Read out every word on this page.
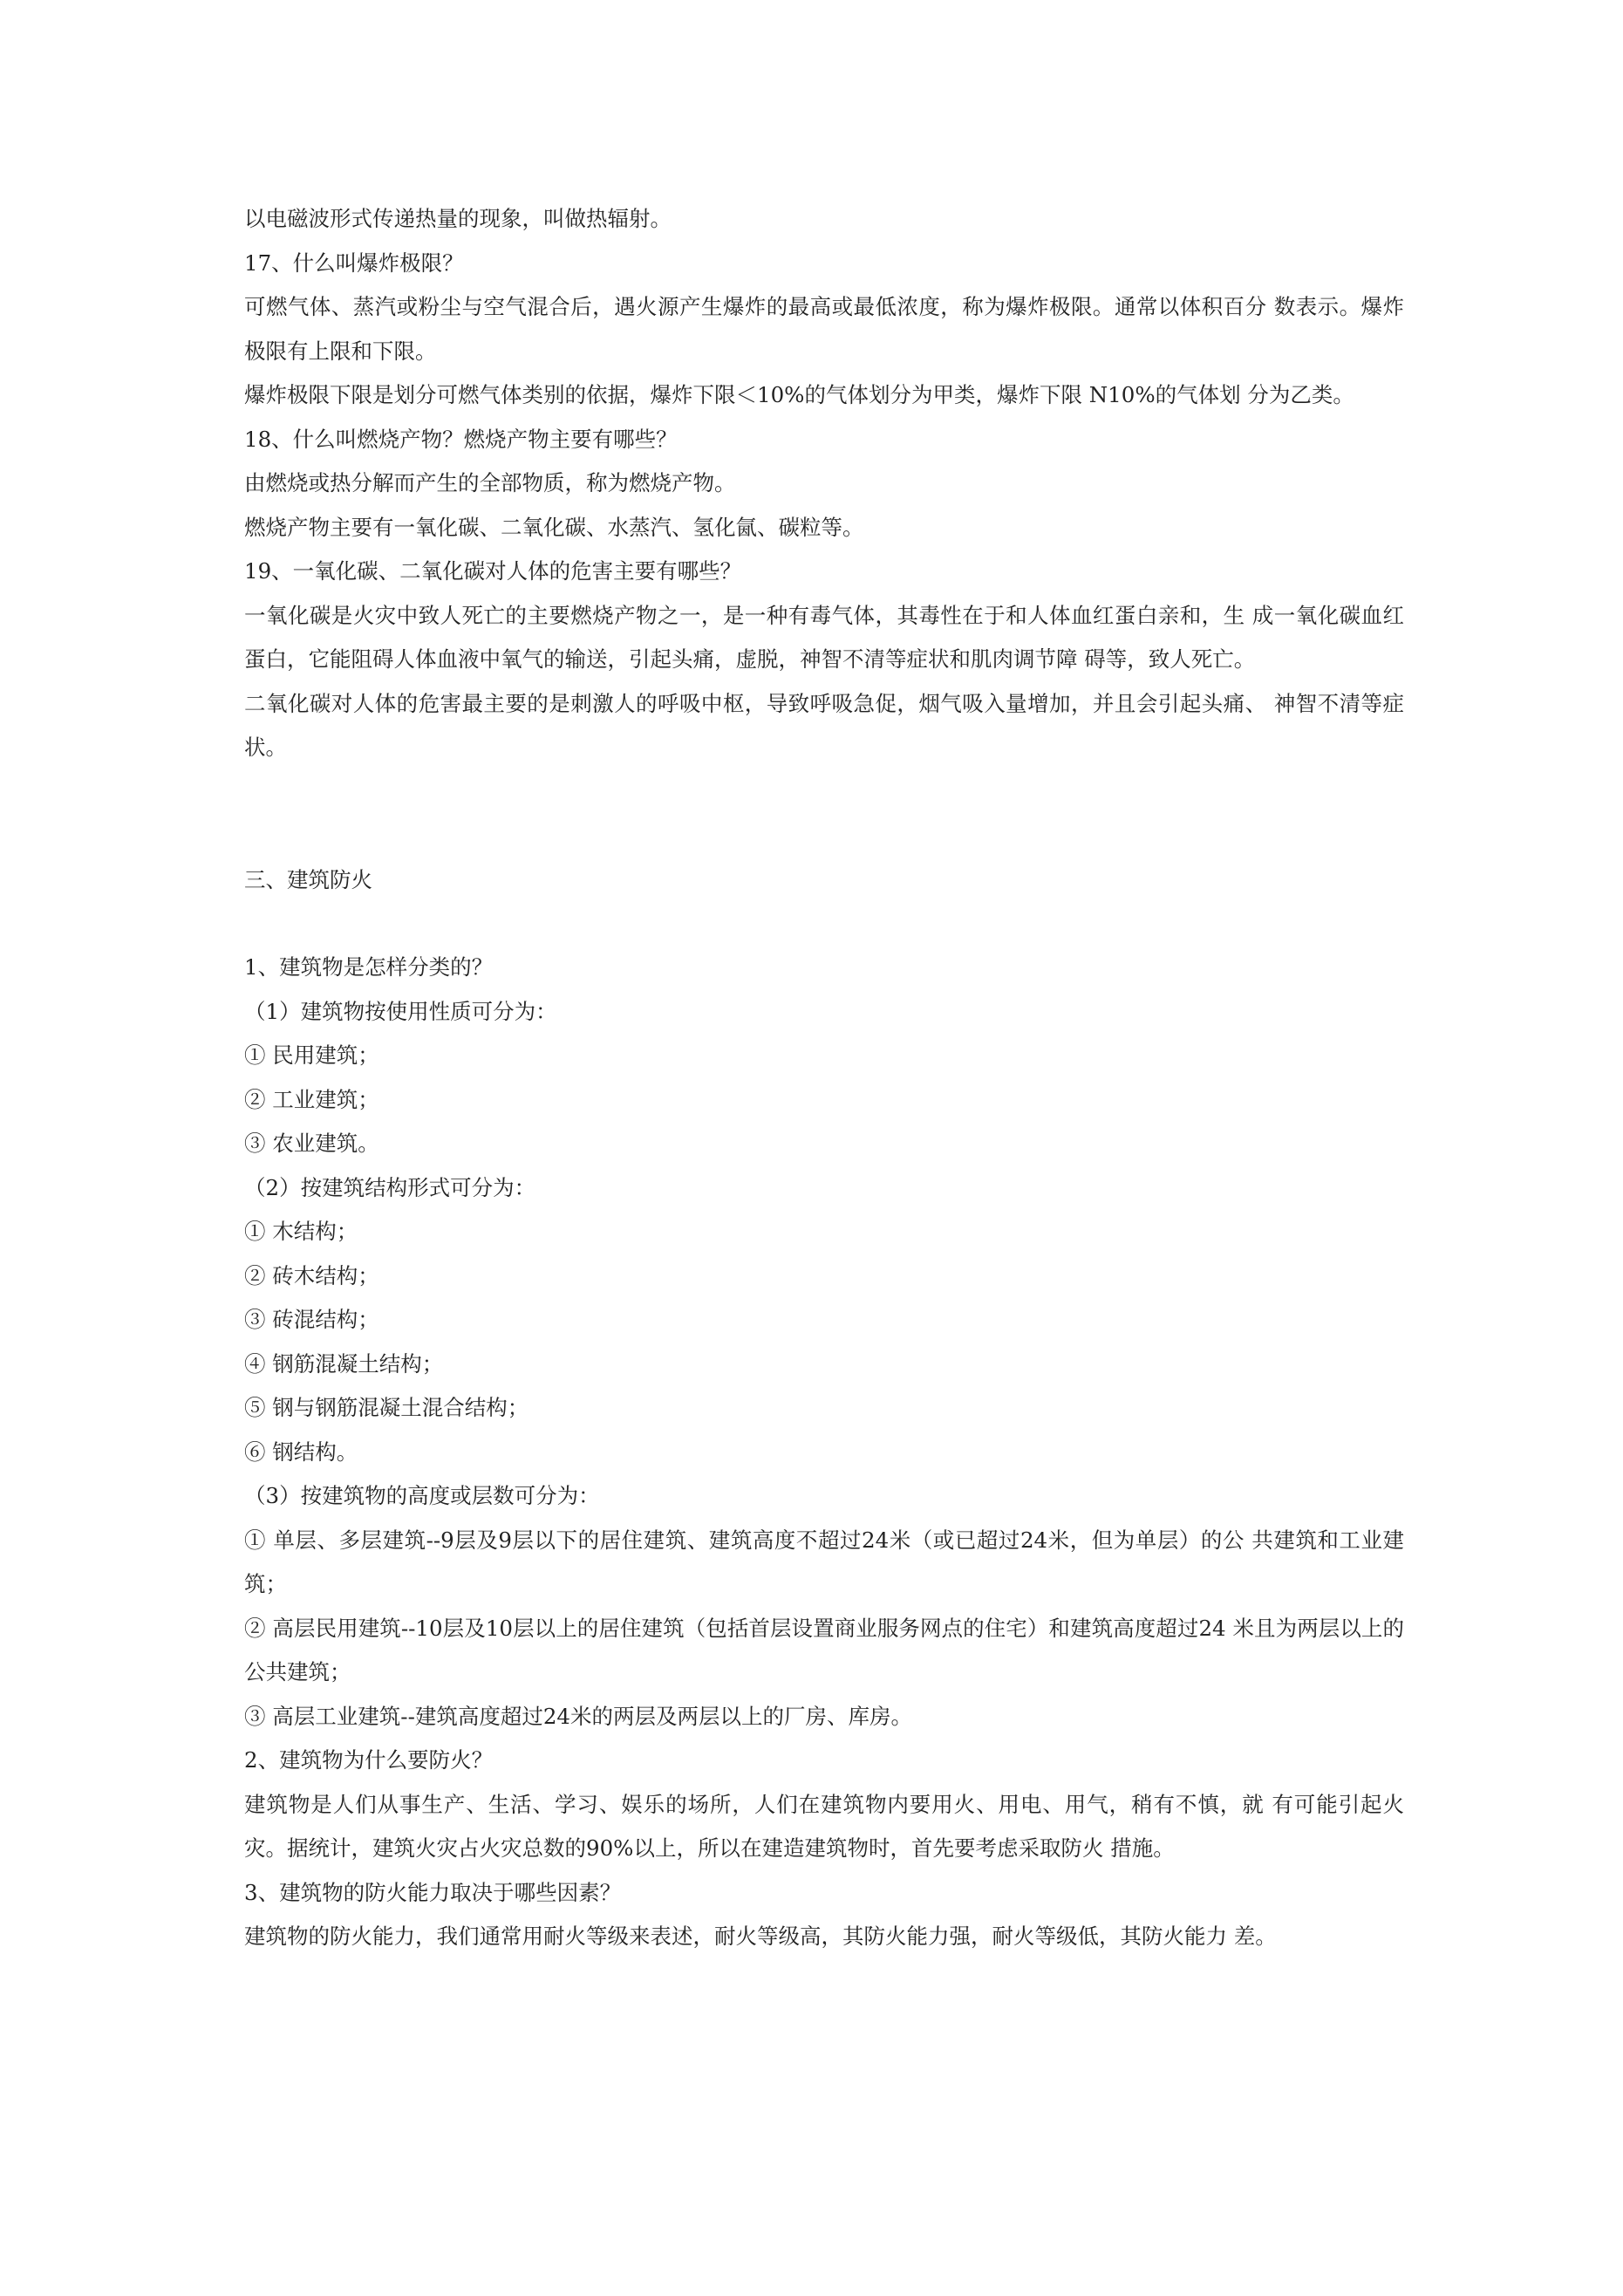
以电磁波形式传递热量的现象，叫做热辐射。

17、什么叫爆炸极限？

可燃气体、蒸汽或粉尘与空气混合后，遇火源产生爆炸的最高或最低浓度，称为爆炸极限。通常以体积百分 数表示。爆炸极限有上限和下限。

爆炸极限下限是划分可燃气体类别的依据，爆炸下限＜10%的气体划分为甲类，爆炸下限 N10%的气体划 分为乙类。

18、什么叫燃烧产物？燃烧产物主要有哪些？

由燃烧或热分解而产生的全部物质，称为燃烧产物。

燃烧产物主要有一氧化碳、二氧化碳、水蒸汽、氢化氤、碳粒等。

19、一氧化碳、二氧化碳对人体的危害主要有哪些？

一氧化碳是火灾中致人死亡的主要燃烧产物之一，是一种有毒气体，其毒性在于和人体血红蛋白亲和，生 成一氧化碳血红蛋白，它能阻碍人体血液中氧气的输送，引起头痛，虚脱，神智不清等症状和肌肉调节障 碍等，致人死亡。

二氧化碳对人体的危害最主要的是刺激人的呼吸中枢，导致呼吸急促，烟气吸入量增加，并且会引起头痛、 神智不清等症状。

三、建筑防火

1、建筑物是怎样分类的？

（1）建筑物按使用性质可分为：

① 民用建筑；

② 工业建筑；

③ 农业建筑。

（2）按建筑结构形式可分为：

① 木结构；

② 砖木结构；

③ 砖混结构；

④ 钢筋混凝土结构；

⑤ 钢与钢筋混凝土混合结构；

⑥ 钢结构。

（3）按建筑物的高度或层数可分为：

① 单层、多层建筑--9层及9层以下的居住建筑、建筑高度不超过24米（或已超过24米，但为单层）的公 共建筑和工业建筑；

② 高层民用建筑--10层及10层以上的居住建筑（包括首层设置商业服务网点的住宅）和建筑高度超过24 米且为两层以上的公共建筑；

③ 高层工业建筑--建筑高度超过24米的两层及两层以上的厂房、库房。

2、建筑物为什么要防火？

建筑物是人们从事生产、生活、学习、娱乐的场所，人们在建筑物内要用火、用电、用气，稍有不慎，就 有可能引起火灾。据统计，建筑火灾占火灾总数的90%以上，所以在建造建筑物时，首先要考虑采取防火 措施。

3、建筑物的防火能力取决于哪些因素？

建筑物的防火能力，我们通常用耐火等级来表述，耐火等级高，其防火能力强，耐火等级低，其防火能力 差。
